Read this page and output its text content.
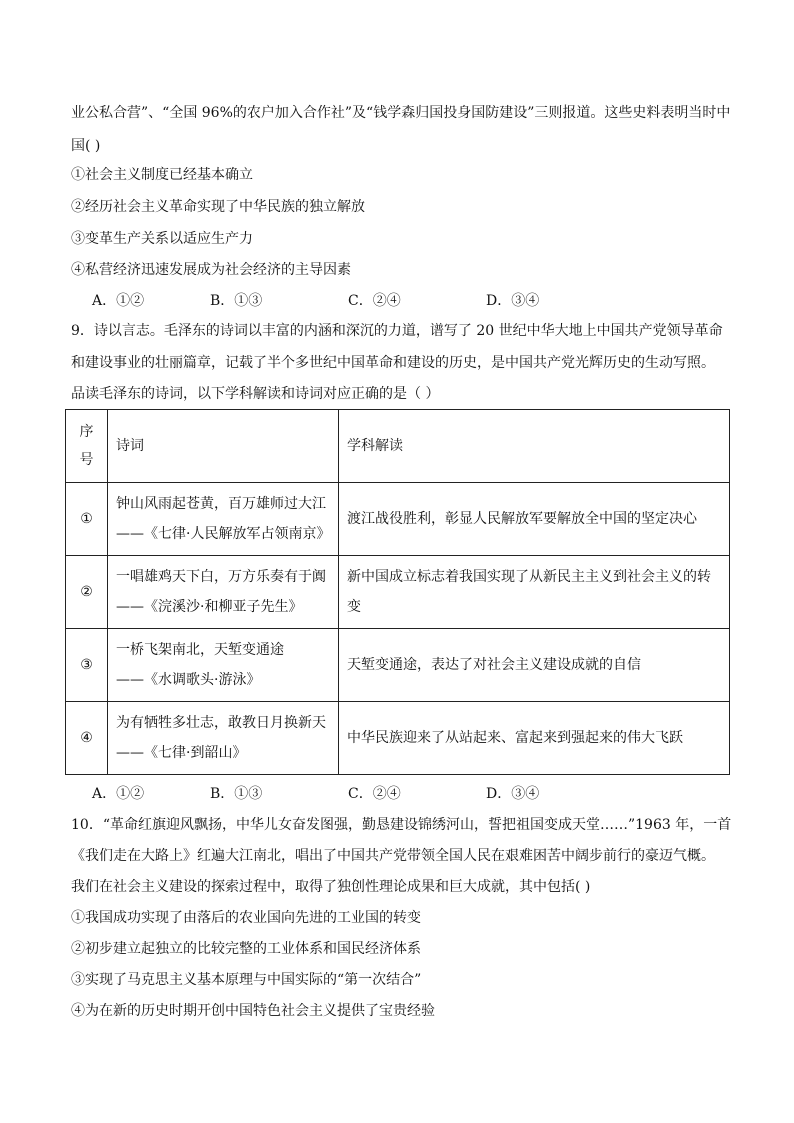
业公私合营”、“全国 96%的农户加入合作社”及“钱学森归国投身国防建设”三则报道。这些史料表明当时中
国( )
①社会主义制度已经基本确立
②经历社会主义革命实现了中华民族的独立解放
③变革生产关系以适应生产力
④私营经济迅速发展成为社会经济的主导因素
A．①②	B．①③	C．②④	D．③④
9．诗以言志。毛泽东的诗词以丰富的内涵和深沉的力道，谱写了 20 世纪中华大地上中国共产党领导革命
和建设事业的壮丽篇章，记载了半个多世纪中国革命和建设的历史，是中国共产党光辉历史的生动写照。
品读毛泽东的诗词，以下学科解读和诗词对应正确的是（ ）
序
号	诗词	学科解读
①	钟山风雨起苍黄，百万雄师过大江
——《七律·人民解放军占领南京》	渡江战役胜利，彰显人民解放军要解放全中国的坚定决心

②	一唱雄鸡天下白，万方乐奏有于阗
——《浣溪沙·和柳亚子先生》	新中国成立标志着我国实现了从新民主主义到社会主义的转
变

③	一桥飞架南北，天堑变通途
——《水调歌头·游泳》	天堑变通途，表达了对社会主义建设成就的自信

④	为有牺牲多壮志，敢教日月换新天
——《七律·到韶山》	中华民族迎来了从站起来、富起来到强起来的伟大飞跃
A．①②	B．①③	C．②④	D．③④
10．“革命红旗迎风飘扬，中华儿女奋发图强，勤恳建设锦绣河山，誓把祖国变成天堂……”1963 年，一首
《我们走在大路上》红遍大江南北，唱出了中国共产党带领全国人民在艰难困苦中阔步前行的豪迈气概。
我们在社会主义建设的探索过程中，取得了独创性理论成果和巨大成就，其中包括( )
①我国成功实现了由落后的农业国向先进的工业国的转变
②初步建立起独立的比较完整的工业体系和国民经济体系
③实现了马克思主义基本原理与中国实际的“第一次结合”
④为在新的历史时期开创中国特色社会主义提供了宝贵经验
